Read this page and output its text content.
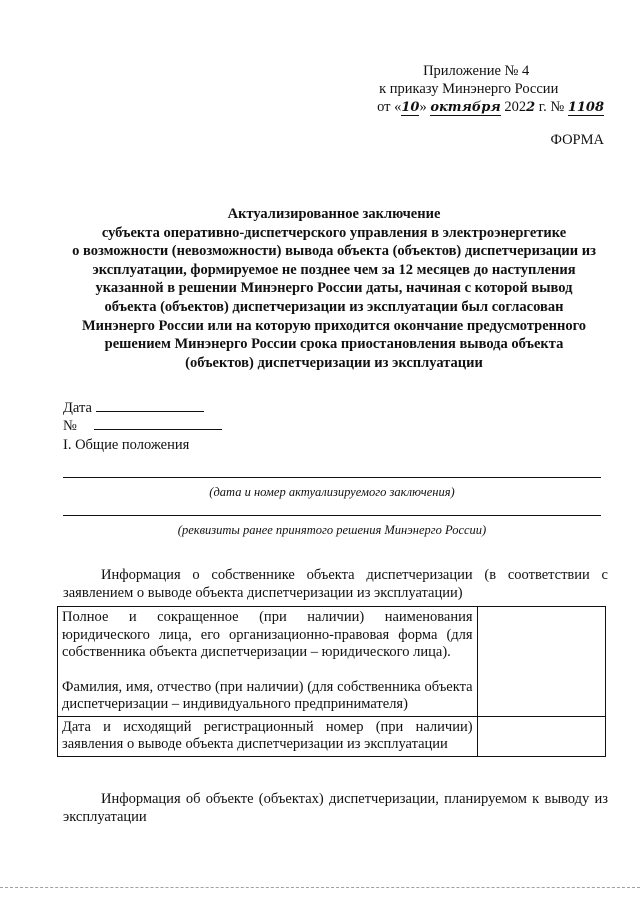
Приложение № 4
к приказу Минэнерго России
от «10» октября 2022 г. № 1108
ФОРМА
Актуализированное заключение
субъекта оперативно-диспетчерского управления в электроэнергетике
о возможности (невозможности) вывода объекта (объектов) диспетчеризации из
эксплуатации, формируемое не позднее чем за 12 месяцев до наступления
указанной в решении Минэнерго России даты, начиная с которой вывод
объекта (объектов) диспетчеризации из эксплуатации был согласован
Минэнерго России или на которую приходится окончание предусмотренного
решением Минэнерго России срока приостановления вывода объекта
(объектов) диспетчеризации из эксплуатации
Дата
№
I. Общие положения
(дата и номер актуализируемого заключения)
(реквизиты ранее принятого решения Минэнерго России)
Информация о собственнике объекта диспетчеризации (в соответствии с заявлением о выводе объекта диспетчеризации из эксплуатации)
Полное и сокращенное (при наличии) наименования юридического лица, его организационно-правовая форма (для собственника объекта диспетчеризации – юридического лица).
Фамилия, имя, отчество (при наличии) (для собственника объекта диспетчеризации – индивидуального предпринимателя)	

Дата и исходящий регистрационный номер (при наличии) заявления о выводе объекта диспетчеризации из эксплуатации	

Информация об объекте (объектах) диспетчеризации, планируемом к выводу из эксплуатации
